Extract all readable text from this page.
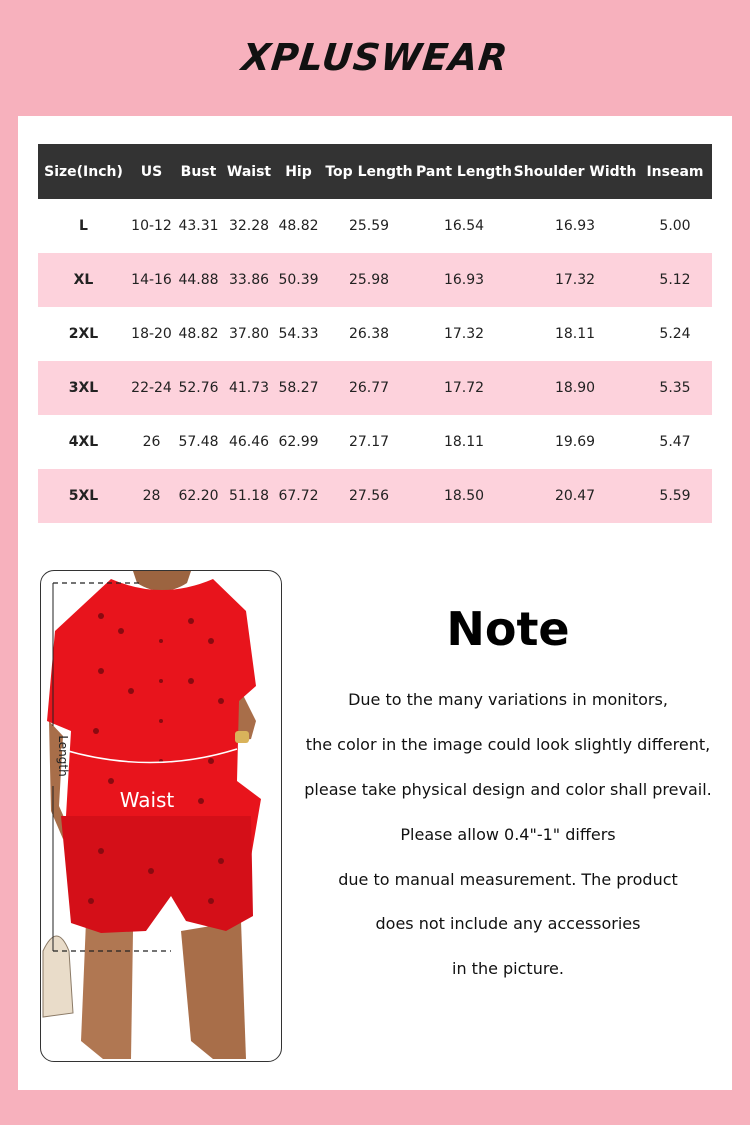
XPLUSWEAR
Size(Inch)	US	Bust	Waist	Hip	Top Length	Pant Length	Shoulder Width	Inseam
L	10-12	43.31	32.28	48.82	25.59	16.54	16.93	5.00
XL	14-16	44.88	33.86	50.39	25.98	16.93	17.32	5.12
2XL	18-20	48.82	37.80	54.33	26.38	17.32	18.11	5.24
3XL	22-24	52.76	41.73	58.27	26.77	17.72	18.90	5.35
4XL	26	57.48	46.46	62.99	27.17	18.11	19.69	5.47
5XL	28	62.20	51.18	67.72	27.56	18.50	20.47	5.59
Length
Waist
Note
Due to the many variations in monitors,
the color in the image could look slightly different,
please take physical design and color shall prevail.
Please allow 0.4"-1" differs
due to manual measurement. The product
does not include any accessories
in the picture.
